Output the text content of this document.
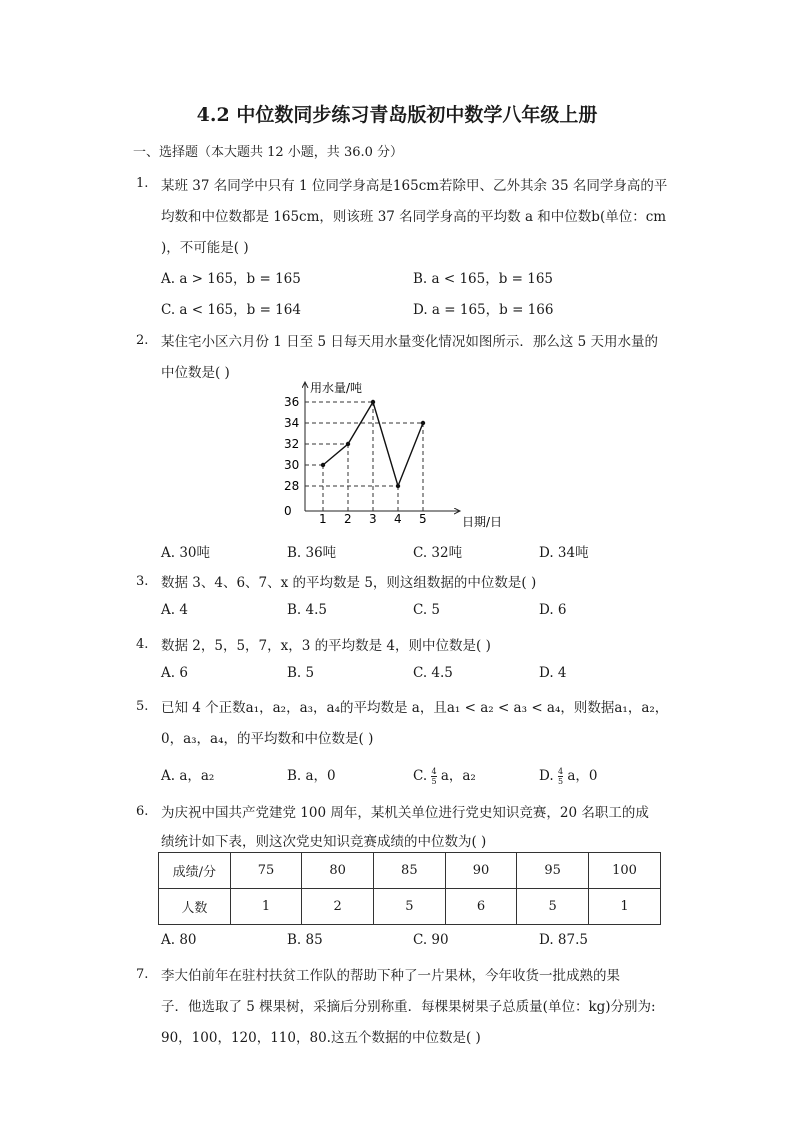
4.2 中位数同步练习青岛版初中数学八年级上册
一、选择题（本大题共 12 小题，共 36.0 分）
1. 某班 37 名同学中只有 1 位同学身高是165cm若除甲、乙外其余 35 名同学身高的平
均数和中位数都是 165cm，则该班 37 名同学身高的平均数 a 和中位数b(单位：cm
)，不可能是( )
A. a > 165，b = 165	B. a < 165，b = 165
C. a < 165，b = 164	D. a = 165，b = 166
2. 某住宅小区六月份 1 日至 5 日每天用水量变化情况如图所示．那么这 5 天用水量的
中位数是( )
用水量/吨
日期/日
0
28
30
32
34
36
1 2 3 4 5
A. 30吨	B. 36吨	C. 32吨	D. 34吨
3. 数据 3、4、6、7、x 的平均数是 5，则这组数据的中位数是( )
A. 4	B. 4.5	C. 5	D. 6
4. 数据 2，5，5，7，x，3 的平均数是 4，则中位数是( )
A. 6	B. 5	C. 4.5	D. 4
5. 已知 4 个正数a₁，a₂，a₃，a₄的平均数是 a，且a₁ < a₂ < a₃ < a₄，则数据a₁，a₂，
0，a₃，a₄，的平均数和中位数是( )
A. a，a₂	B. a，0	C. $\frac{4}{5}$ a，a₂	D. $\frac{4}{5}$ a，0
6. 为庆祝中国共产党建党 100 周年，某机关单位进行党史知识竞赛，20 名职工的成
绩统计如下表，则这次党史知识竞赛成绩的中位数为( )
成绩/分	75	80	85	90	95	100
人数	1	2	5	6	5	1
A. 80	B. 85	C. 90	D. 87.5
7. 李大伯前年在驻村扶贫工作队的帮助下种了一片果林，今年收货一批成熟的果
子．他选取了 5 棵果树，采摘后分别称重．每棵果树果子总质量(单位：kg)分别为:
90，100，120，110，80.这五个数据的中位数是( )
